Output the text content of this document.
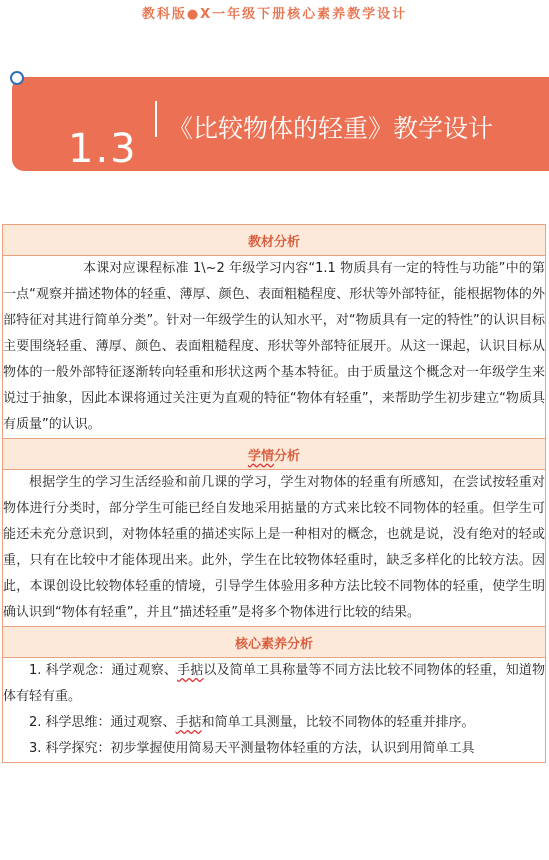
教科版●X一年级下册核心素养教学设计
1.3 《比较物体的轻重》教学设计
教材分析

本课对应课程标准 1\~2 年级学习内容“1.1 物质具有一定的特性与功能”中的第一点“观察并描述物体的轻重、薄厚、颜色、表面粗糙程度、形状等外部特征，能根据物体的外部特征对其进行简单分类”。针对一年级学生的认知水平，对“物质具有一定的特性”的认识目标主要围绕轻重、薄厚、颜色、表面粗糙程度、形状等外部特征展开。从这一课起，认识目标从物体的一般外部特征逐渐转向轻重和形状这两个基本特征。由于质量这个概念对一年级学生来说过于抽象，因此本课将通过关注更为直观的特征“物体有轻重”，来帮助学生初步建立“物质具有质量”的认识。

学情分析

根据学生的学习生活经验和前几课的学习，学生对物体的轻重有所感知，在尝试按轻重对物体进行分类时，部分学生可能已经自发地采用掂量的方式来比较不同物体的轻重。但学生可能还未充分意识到，对物体轻重的描述实际上是一种相对的概念，也就是说，没有绝对的轻或重，只有在比较中才能体现出来。此外，学生在比较物体轻重时，缺乏多样化的比较方法。因此，本课创设比较物体轻重的情境，引导学生体验用多种方法比较不同物体的轻重，使学生明确认识到“物体有轻重”，并且“描述轻重”是将多个物体进行比较的结果。

核心素养分析

1. 科学观念：通过观察、手掂以及简单工具称量等不同方法比较不同物体的轻重，知道物体有轻有重。

2. 科学思维：通过观察、手掂和简单工具测量，比较不同物体的轻重并排序。

3. 科学探究：初步掌握使用简易天平测量物体轻重的方法，认识到用简单工具
